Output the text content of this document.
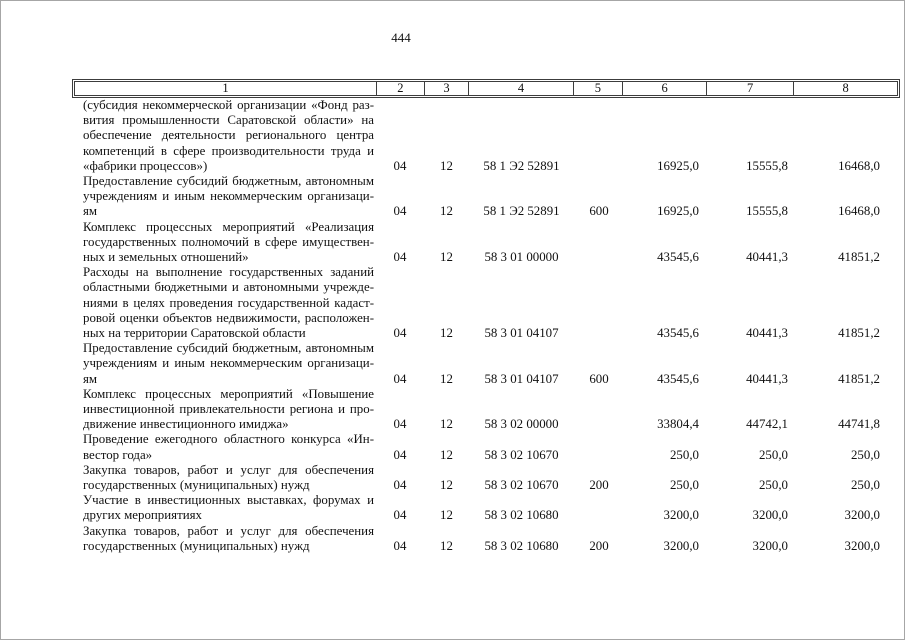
444
1	2	3	4	5	6	7	8
(субсидия некоммерческой организации «Фонд раз-
вития промышленности Саратовской области» на
обеспечение деятельности регионального центра
компетенций в сфере производительности труда и
«фабрики процессов»)	04	12	58 1 Э2 52891		16925,0	15555,8	16468,0

Предоставление субсидий бюджетным, автономным
учреждениям и иным некоммерческим организаци-
ям	04	12	58 1 Э2 52891	600	16925,0	15555,8	16468,0

Комплекс процессных мероприятий «Реализация
государственных полномочий в сфере имуществен-
ных и земельных отношений»	04	12	58 3 01 00000		43545,6	40441,3	41851,2

Расходы на выполнение государственных заданий
областными бюджетными и автономными учрежде-
ниями в целях проведения государственной кадаст-
ровой оценки объектов недвижимости, расположен-
ных на территории Саратовской области	04	12	58 3 01 04107		43545,6	40441,3	41851,2

Предоставление субсидий бюджетным, автономным
учреждениям и иным некоммерческим организаци-
ям	04	12	58 3 01 04107	600	43545,6	40441,3	41851,2

Комплекс процессных мероприятий «Повышение
инвестиционной привлекательности региона и про-
движение инвестиционного имиджа»	04	12	58 3 02 00000		33804,4	44742,1	44741,8

Проведение ежегодного областного конкурса «Ин-
вестор года»	04	12	58 3 02 10670		250,0	250,0	250,0

Закупка товаров, работ и услуг для обеспечения
государственных (муниципальных) нужд	04	12	58 3 02 10670	200	250,0	250,0	250,0

Участие в инвестиционных выставках, форумах и
других мероприятиях	04	12	58 3 02 10680		3200,0	3200,0	3200,0

Закупка товаров, работ и услуг для обеспечения
государственных (муниципальных) нужд	04	12	58 3 02 10680	200	3200,0	3200,0	3200,0
